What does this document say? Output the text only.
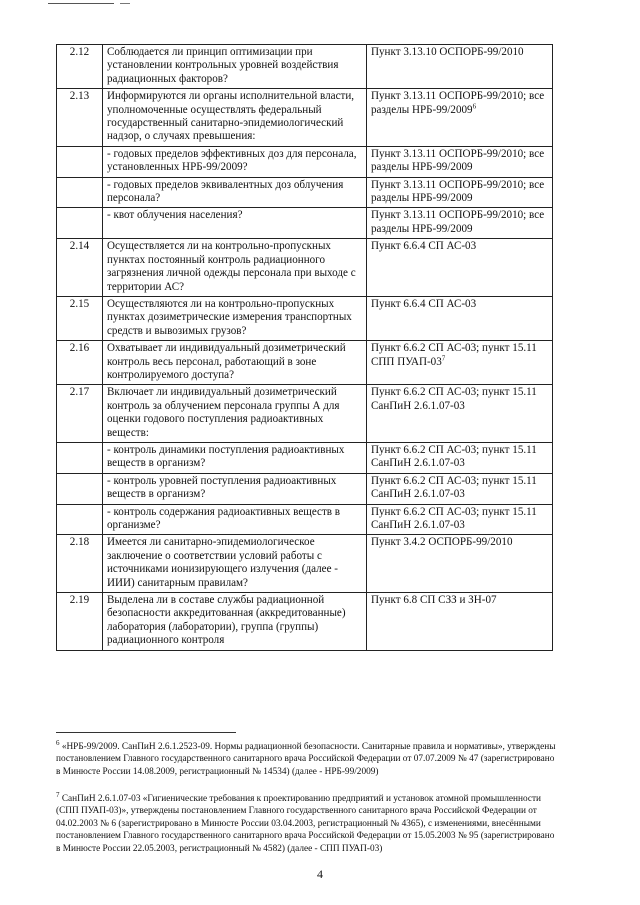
2.12	Соблюдается ли принцип оптимизации при установлении контрольных уровней воздействия радиационных факторов?	Пункт 3.13.10 ОСПОРБ-99/2010
2.13	Информируются ли органы исполнительной власти, уполномоченные осуществлять федеральный государственный санитарно-эпидемиологический надзор, о случаях превышения:	Пункт 3.13.11 ОСПОРБ-99/2010; все разделы НРБ-99/2009$^6$
	- годовых пределов эффективных доз для персонала, установленных НРБ-99/2009?	Пункт 3.13.11 ОСПОРБ-99/2010; все разделы НРБ-99/2009
	- годовых пределов эквивалентных доз облучения персонала?	Пункт 3.13.11 ОСПОРБ-99/2010; все разделы НРБ-99/2009
	- квот облучения населения?	Пункт 3.13.11 ОСПОРБ-99/2010; все разделы НРБ-99/2009
2.14	Осуществляется ли на контрольно-пропускных пунктах постоянный контроль радиационного загрязнения личной одежды персонала при выходе с территории АС?	Пункт 6.6.4 СП АС-03
2.15	Осуществляются ли на контрольно-пропускных пунктах дозиметрические измерения транспортных средств и вывозимых грузов?	Пункт 6.6.4 СП АС-03
2.16	Охватывает ли индивидуальный дозиметрический контроль весь персонал, работающий в зоне контролируемого доступа?	Пункт 6.6.2 СП АС-03; пункт 15.11 СПП ПУАП-$03^7$
2.17	Включает ли индивидуальный дозиметрический контроль за облучением персонала группы А для оценки годового поступления радиоактивных веществ:	Пункт 6.6.2 СП АС-03; пункт 15.11 СанПиН 2.6.1.07-03
	- контроль динамики поступления радиоактивных веществ в организм?	Пункт 6.6.2 СП АС-03; пункт 15.11 СанПиН 2.6.1.07-03
	- контроль уровней поступления радиоактивных веществ в организм?	Пункт 6.6.2 СП АС-03; пункт 15.11 СанПиН 2.6.1.07-03
	- контроль содержания радиоактивных веществ в организме?	Пункт 6.6.2 СП АС-03; пункт 15.11 СанПиН 2.6.1.07-03
2.18	Имеется ли санитарно-эпидемиологическое заключение о соответствии условий работы с источниками ионизирующего излучения (далее - ИИИ) санитарным правилам?	Пункт 3.4.2 ОСПОРБ-99/2010
2.19	Выделена ли в составе службы радиационной безопасности аккредитованная (аккредитованные) лаборатория (лаборатории), группа (группы) радиационного контроля	Пункт 6.8 СП СЗЗ и ЗН-07
$^6$ «НРБ-99/2009. СанПиН 2.6.1.2523-09. Нормы радиационной безопасности. Санитарные правила и нормативы», утверждены постановлением Главного государственного санитарного врача Российской Федерации от 07.07.2009 № 47 (зарегистрировано в Минюсте России 14.08.2009, регистрационный № 14534) (далее - НРБ-99/2009)
$^7$ СанПиН 2.6.1.07-03 «Гигиенические требования к проектированию предприятий и установок атомной промышленности (СПП ПУАП-03)», утверждены постановлением Главного государственного санитарного врача Российской Федерации от 04.02.2003 № 6 (зарегистрировано в Минюсте России 03.04.2003, регистрационный № 4365), с изменениями, внесёнными постановлением Главного государственного санитарного врача Российской Федерации от 15.05.2003 № 95 (зарегистрировано в Минюсте России 22.05.2003, регистрационный № 4582) (далее - СПП ПУАП-03)
4
